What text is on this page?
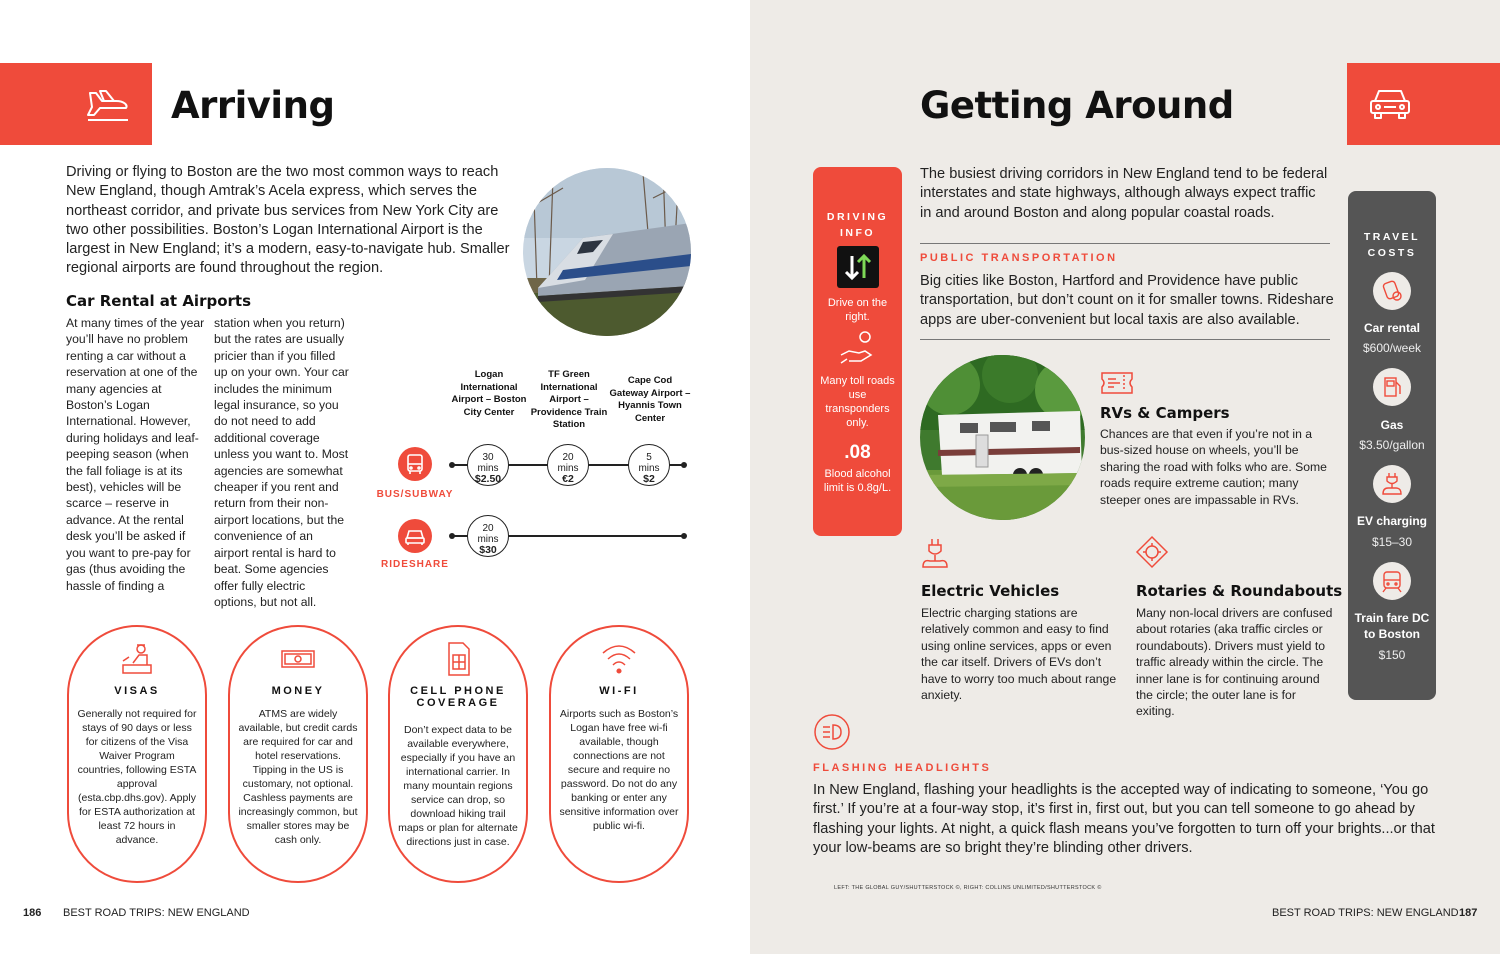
Arriving
Driving or flying to Boston are the two most common ways to reach New England, though Amtrak’s Acela express, which serves the northeast corridor, and private bus services from New York City are two other possibilities. Boston’s Logan International Airport is the largest in New England; it’s a modern, easy-to-navigate hub. Smaller regional airports are found throughout the region.
Car Rental at Airports
At many times of the year you’ll have no problem renting a car without a reservation at one of the many agencies at Boston’s Logan International. However, during holidays and leaf-peeping season (when the fall foliage is at its best), vehicles will be scarce – reserve in advance. At the rental desk you’ll be asked if you want to pre-pay for gas (thus avoiding the hassle of finding a
station when you return) but the rates are usually pricier than if you filled up on your own. Your car includes the minimum legal insurance, so you do not need to add additional coverage unless you want to. Most agencies are somewhat cheaper if you rent and return from their non-airport locations, but the convenience of an airport rental is hard to beat. Some agencies offer fully electric options, but not all.
Logan International Airport – Boston City Center
TF Green International Airport – Providence Train Station
Cape Cod Gateway Airport – Hyannis Town Center
BUS/SUBWAY
30
mins
$2.50
20
mins
€2
5
mins
$2
RIDESHARE
20
mins
$30
VISAS
Generally not required for stays of 90 days or less for citizens of the Visa Waiver Program countries, following ESTA approval (esta.cbp.dhs.gov). Apply for ESTA authorization at least 72 hours in advance.
MONEY
ATMS are widely available, but credit cards are required for car and hotel reservations. Tipping in the US is customary, not optional. Cashless payments are increasingly common, but smaller stores may be cash only.
CELL PHONE
COVERAGE
Don’t expect data to be available everywhere, especially if you have an international carrier. In many mountain regions service can drop, so download hiking trail maps or plan for alternate directions just in case.
WI-FI
Airports such as Boston’s Logan have free wi-fi available, though connections are not secure and require no password. Do not do any banking or enter any sensitive information over public wi-fi.
186 BEST ROAD TRIPS: NEW ENGLAND
Getting Around
DRIVING
INFO
Drive on the right.
Many toll roads use transponders only.
.08
Blood alcohol limit is 0.8g/L.
The busiest driving corridors in New England tend to be federal interstates and state highways, although always expect traffic in and around Boston and along popular coastal roads.
PUBLIC TRANSPORTATION
Big cities like Boston, Hartford and Providence have public transportation, but don’t count on it for smaller towns. Rideshare apps are uber-convenient but local taxis are also available.
RVs & Campers
Chances are that even if you’re not in a bus-sized house on wheels, you’ll be sharing the road with folks who are. Some roads require extreme caution; many steeper ones are impassable in RVs.
Electric Vehicles
Electric charging stations are relatively common and easy to find using online services, apps or even the car itself. Drivers of EVs don’t have to worry too much about range anxiety.
Rotaries & Roundabouts
Many non-local drivers are confused about rotaries (aka traffic circles or roundabouts). Drivers must yield to traffic already within the circle. The inner lane is for continuing around the circle; the outer lane is for exiting.
TRAVEL
COSTS
Car rental
$600/week
Gas
$3.50/gallon
EV charging
$15–30
Train fare DC to Boston
$150
FLASHING HEADLIGHTS
In New England, flashing your headlights is the accepted way of indicating to someone, ‘You go first.’ If you’re at a four-way stop, it’s first in, first out, but you can tell someone to go ahead by flashing your lights. At night, a quick flash means you’ve forgotten to turn off your brights...or that your low-beams are so bright they’re blinding other drivers.
LEFT: THE GLOBAL GUY/SHUTTERSTOCK ©, RIGHT: COLLINS UNLIMITED/SHUTTERSTOCK ©
BEST ROAD TRIPS: NEW ENGLAND 187
